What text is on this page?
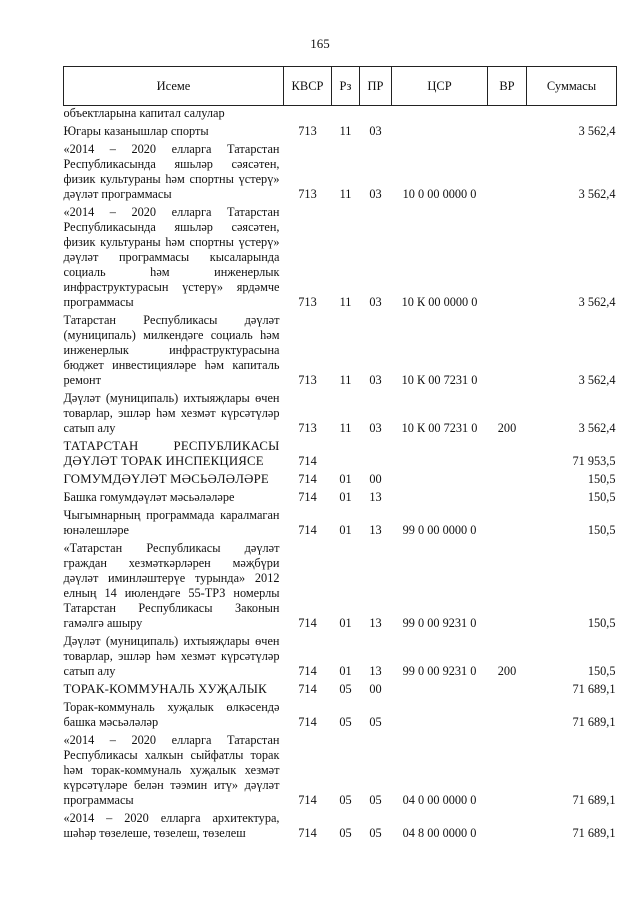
165
Исеме	КВСР	Рз	ПР	ЦСР	ВР	Суммасы
объектларына капитал салулар						
Югары казанышлар спорты	713	11	03			3 562,4
«2014 – 2020 елларга Татарстан Республикасында яшьләр сәясәтен, физик культураны һәм спортны үстерү» дәүләт программасы	713	11	03	10 0 00 0000 0		3 562,4
«2014 – 2020 елларга Татарстан Республикасында яшьләр сәясәтен, физик культураны һәм спортны үстерү» дәүләт программасы кысаларында социаль һәм инженерлык инфраструктурасын үстерү» ярдәмче программасы	713	11	03	10 К 00 0000 0		3 562,4
Татарстан Республикасы дәүләт (муниципаль) милкендәге социаль һәм инженерлык инфраструктурасына бюджет инвестицияләре һәм капиталь ремонт	713	11	03	10 К 00 7231 0		3 562,4
Дәүләт (муниципаль) ихтыяҗлары өчен товарлар, эшләр һәм хезмәт күрсәтүләр сатып алу	713	11	03	10 К 00 7231 0	200	3 562,4
ТАТАРСТАН РЕСПУБЛИКАСЫ ДӘҮЛӘТ ТОРАК ИНСПЕКЦИЯСЕ	714					71 953,5
ГОМУМДӘҮЛӘТ МӘСЬӘЛӘЛӘРЕ	714	01	00			150,5
Башка гомумдәүләт мәсьәләләре	714	01	13			150,5
Чыгымнарның программада каралмаган юнәлешләре	714	01	13	99 0 00 0000 0		150,5
«Татарстан Республикасы дәүләт граждан хезмәткәрләрен мәҗбүри дәүләт иминләштерүе турында» 2012 елның 14 июлендәге 55-ТРЗ номерлы Татарстан Республикасы Законын гамәлгә ашыру	714	01	13	99 0 00 9231 0		150,5
Дәүләт (муниципаль) ихтыяҗлары өчен товарлар, эшләр һәм хезмәт күрсәтүләр сатып алу	714	01	13	99 0 00 9231 0	200	150,5
ТОРАК-КОММУНАЛЬ ХУҖАЛЫК	714	05	00			71 689,1
Торак-коммуналь хуҗалык өлкәсендә башка мәсьәләләр	714	05	05			71 689,1
«2014 – 2020 елларга Татарстан Республикасы халкын сыйфатлы торак һәм торак-коммуналь хуҗалык хезмәт күрсәтүләре белән тәэмин итү» дәүләт программасы	714	05	05	04 0 00 0000 0		71 689,1
«2014 – 2020 елларга архитектура, шәһәр төзелеше, төзелеш, төзелеш	714	05	05	04 8 00 0000 0		71 689,1
